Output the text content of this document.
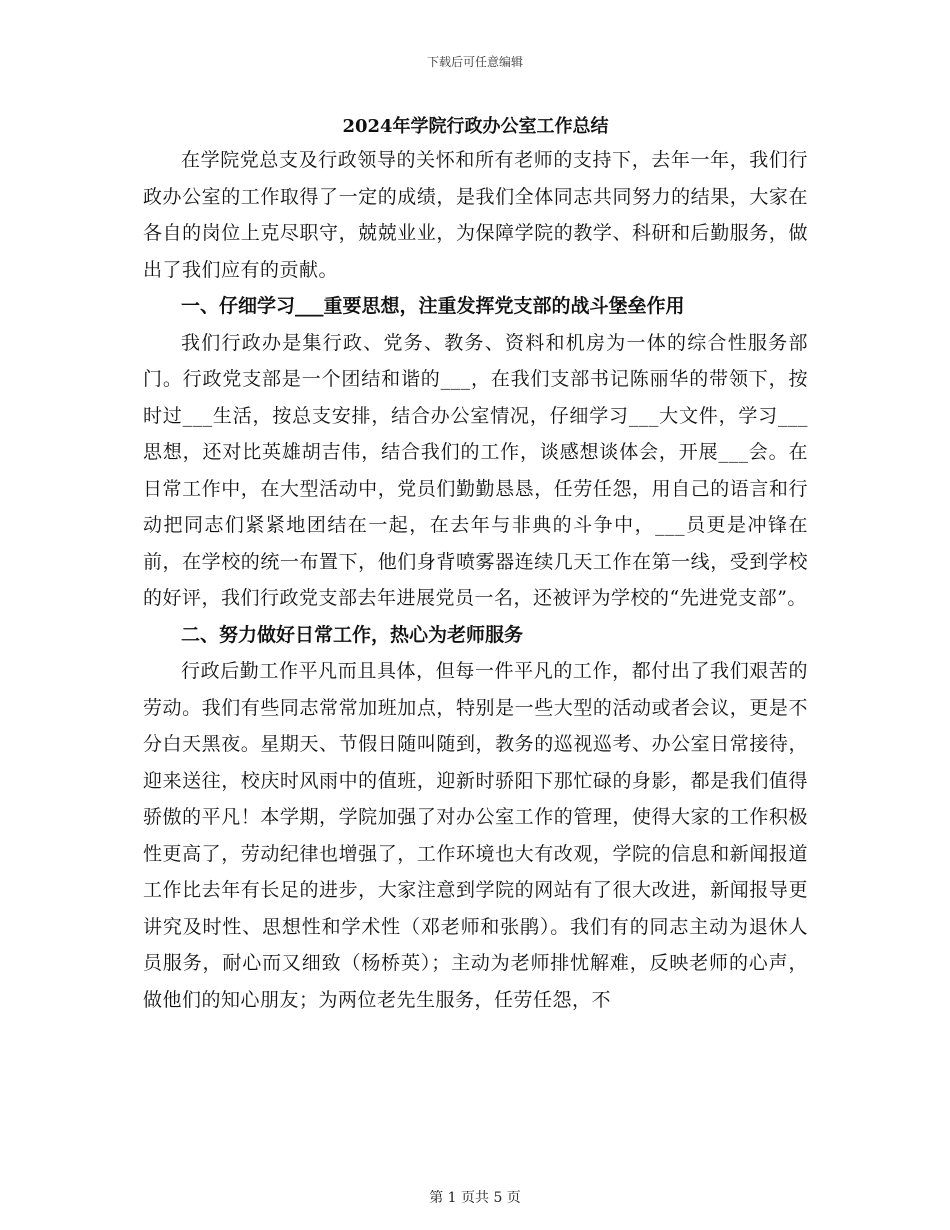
下载后可任意编辑
2024年学院行政办公室工作总结

在学院党总支及行政领导的关怀和所有老师的支持下，去年一年，我们行政办公室的工作取得了一定的成绩，是我们全体同志共同努力的结果，大家在各自的岗位上克尽职守，兢兢业业，为保障学院的教学、科研和后勤服务，做出了我们应有的贡献。

一、仔细学习___重要思想，注重发挥党支部的战斗堡垒作用

我们行政办是集行政、党务、教务、资料和机房为一体的综合性服务部门。行政党支部是一个团结和谐的___，在我们支部书记陈丽华的带领下，按时过___生活，按总支安排，结合办公室情况，仔细学习___大文件，学习___思想，还对比英雄胡吉伟，结合我们的工作，谈感想谈体会，开展___会。在日常工作中，在大型活动中，党员们勤勤恳恳，任劳任怨，用自己的语言和行动把同志们紧紧地团结在一起，在去年与非典的斗争中，___员更是冲锋在前，在学校的统一布置下，他们身背喷雾器连续几天工作在第一线，受到学校的好评，我们行政党支部去年进展党员一名，还被评为学校的“先进党支部”。

二、努力做好日常工作，热心为老师服务

行政后勤工作平凡而且具体，但每一件平凡的工作，都付出了我们艰苦的劳动。我们有些同志常常加班加点，特别是一些大型的活动或者会议，更是不分白天黑夜。星期天、节假日随叫随到，教务的巡视巡考、办公室日常接待，迎来送往，校庆时风雨中的值班，迎新时骄阳下那忙碌的身影，都是我们值得骄傲的平凡！本学期，学院加强了对办公室工作的管理，使得大家的工作积极性更高了，劳动纪律也增强了，工作环境也大有改观，学院的信息和新闻报道工作比去年有长足的进步，大家注意到学院的网站有了很大改进，新闻报导更讲究及时性、思想性和学术性（邓老师和张鹃）。我们有的同志主动为退休人员服务，耐心而又细致（杨桥英）；主动为老师排忧解难，反映老师的心声，做他们的知心朋友；为两位老先生服务，任劳任怨，不

第 1 页共 5 页
